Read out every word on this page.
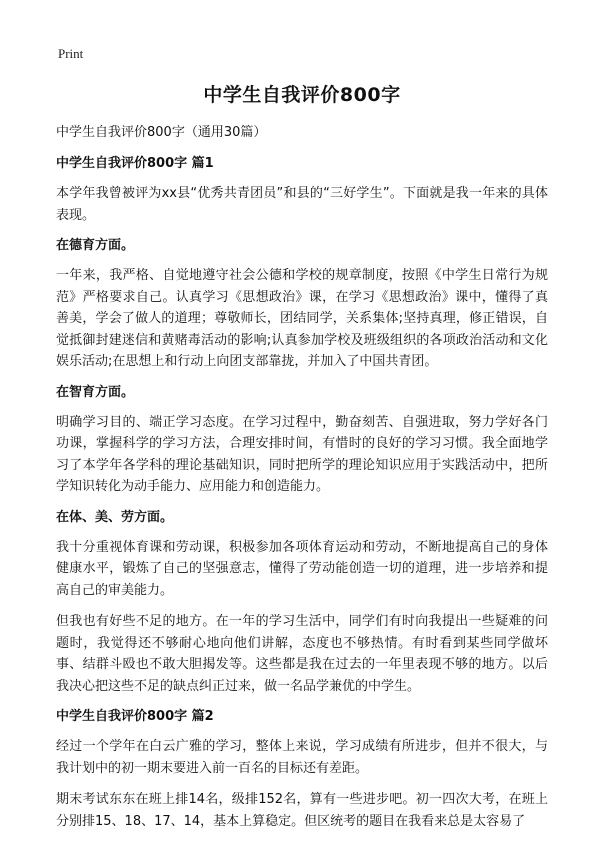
Print
中学生自我评价800字

中学生自我评价800字（通用30篇）

中学生自我评价800字 篇1

本学年我曾被评为xx县“优秀共青团员”和县的“三好学生”。下面就是我一年来的具体表现。

在德育方面。

一年来，我严格、自觉地遵守社会公德和学校的规章制度，按照《中学生日常行为规范》严格要求自己。认真学习《思想政治》课，在学习《思想政治》课中，懂得了真善美，学会了做人的道理；尊敬师长，团结同学，关系集体;坚持真理，修正错误，自觉抵御封建迷信和黄赌毒活动的影响;认真参加学校及班级组织的各项政治活动和文化娱乐活动;在思想上和行动上向团支部靠拢，并加入了中国共青团。

在智育方面。

明确学习目的、端正学习态度。在学习过程中，勤奋刻苦、自强进取，努力学好各门功课，掌握科学的学习方法，合理安排时间，有惜时的良好的学习习惯。我全面地学习了本学年各学科的理论基础知识，同时把所学的理论知识应用于实践活动中，把所学知识转化为动手能力、应用能力和创造能力。

在体、美、劳方面。

我十分重视体育课和劳动课，积极参加各项体育运动和劳动，不断地提高自己的身体健康水平，锻炼了自己的坚强意志，懂得了劳动能创造一切的道理，进一步培养和提高自己的审美能力。

但我也有好些不足的地方。在一年的学习生活中，同学们有时向我提出一些疑难的问题时，我觉得还不够耐心地向他们讲解，态度也不够热情。有时看到某些同学做坏事、结群斗殴也不敢大胆揭发等。这些都是我在过去的一年里表现不够的地方。以后我决心把这些不足的缺点纠正过来，做一名品学兼优的中学生。

中学生自我评价800字 篇2

经过一个学年在白云广雅的学习，整体上来说，学习成绩有所进步，但并不很大，与我计划中的初一期末要进入前一百名的目标还有差距。

期末考试东东在班上排14名，级排152名，算有一些进步吧。初一四次大考，在班上分别排15、18、17、14，基本上算稳定。但区统考的题目在我看来总是太容易了
